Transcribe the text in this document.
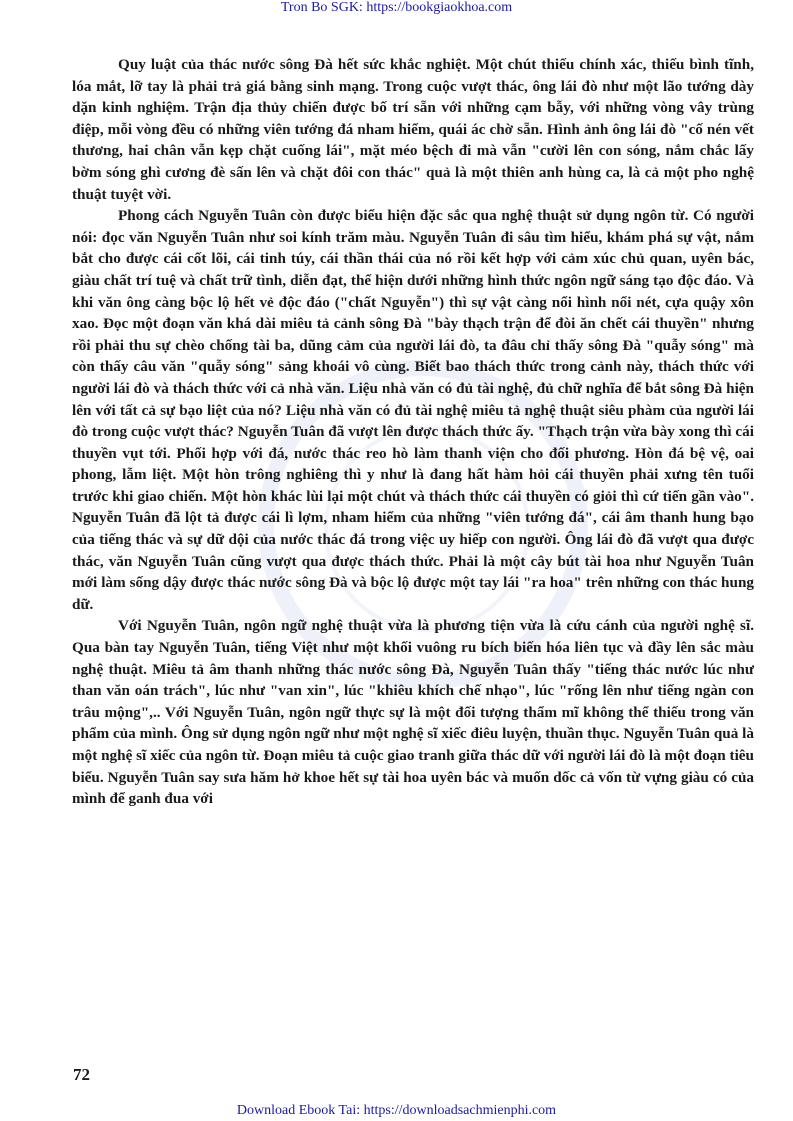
Tron Bo SGK: https://bookgiaokhoa.com

Quy luật của thác nước sông Đà hết sức khắc nghiệt. Một chút thiếu chính xác, thiếu bình tĩnh, lóa mắt, lỡ tay là phải trả giá bằng sinh mạng. Trong cuộc vượt thác, ông lái đò như một lão tướng dày dặn kinh nghiệm. Trận địa thủy chiến được bố trí sẵn với những cạm bẫy, với những vòng vây trùng điệp, mỗi vòng đều có những viên tướng đá nham hiểm, quái ác chờ sẵn. Hình ảnh ông lái đò "cố nén vết thương, hai chân vẫn kẹp chặt cuống lái", mặt méo bệch đi mà vẫn "cười lên con sóng, nắm chắc lấy bờm sóng ghì cương đè sấn lên và chặt đôi con thác" quả là một thiên anh hùng ca, là cả một pho nghệ thuật tuyệt vời.

Phong cách Nguyễn Tuân còn được biểu hiện đặc sắc qua nghệ thuật sử dụng ngôn từ. Có người nói: đọc văn Nguyễn Tuân như soi kính trăm màu. Nguyễn Tuân đi sâu tìm hiểu, khám phá sự vật, nắm bắt cho được cái cốt lõi, cái tinh túy, cái thần thái của nó rồi kết hợp với cảm xúc chủ quan, uyên bác, giàu chất trí tuệ và chất trữ tình, diễn đạt, thể hiện dưới những hình thức ngôn ngữ sáng tạo độc đáo. Và khi văn ông càng bộc lộ hết vẻ độc đáo ("chất Nguyễn") thì sự vật càng nổi hình nổi nét, cựa quậy xôn xao. Đọc một đoạn văn khá dài miêu tả cảnh sông Đà "bày thạch trận để đòi ăn chết cái thuyền" nhưng rồi phải thu sự chèo chống tài ba, dũng cảm của người lái đò, ta đâu chỉ thấy sông Đà "quẫy sóng" mà còn thấy câu văn "quẫy sóng" sảng khoái vô cùng. Biết bao thách thức trong cảnh này, thách thức với người lái đò và thách thức với cả nhà văn. Liệu nhà văn có đủ tài nghệ, đủ chữ nghĩa để bắt sông Đà hiện lên với tất cả sự bạo liệt của nó? Liệu nhà văn có đủ tài nghệ miêu tả nghệ thuật siêu phàm của người lái đò trong cuộc vượt thác? Nguyễn Tuân đã vượt lên được thách thức ấy. "Thạch trận vừa bày xong thì cái thuyền vụt tới. Phối hợp với đá, nước thác reo hò làm thanh viện cho đối phương. Hòn đá bệ vệ, oai phong, lẫm liệt. Một hòn trông nghiêng thì y như là đang hất hàm hỏi cái thuyền phải xưng tên tuổi trước khi giao chiến. Một hòn khác lùi lại một chút và thách thức cái thuyền có giỏi thì cứ tiến gần vào". Nguyễn Tuân đã lột tả được cái lì lợm, nham hiểm của những "viên tướng đá", cái âm thanh hung bạo của tiếng thác và sự dữ dội của nước thác đá trong việc uy hiếp con người. Ông lái đò đã vượt qua được thác, văn Nguyễn Tuân cũng vượt qua được thách thức. Phải là một cây bút tài hoa như Nguyễn Tuân mới làm sống dậy được thác nước sông Đà và bộc lộ được một tay lái "ra hoa" trên những con thác hung dữ.

Với Nguyễn Tuân, ngôn ngữ nghệ thuật vừa là phương tiện vừa là cứu cánh của người nghệ sĩ. Qua bàn tay Nguyễn Tuân, tiếng Việt như một khối vuông ru bích biến hóa liên tục và đầy lên sắc màu nghệ thuật. Miêu tả âm thanh những thác nước sông Đà, Nguyễn Tuân thấy "tiếng thác nước lúc như than văn oán trách", lúc như "van xin", lúc "khiêu khích chế nhạo", lúc "rống lên như tiếng ngàn con trâu mộng",.. Với Nguyễn Tuân, ngôn ngữ thực sự là một đối tượng thẩm mĩ không thể thiếu trong văn phẩm của mình. Ông sử dụng ngôn ngữ như một nghệ sĩ xiếc điêu luyện, thuần thục. Nguyễn Tuân quả là một nghệ sĩ xiếc của ngôn từ. Đoạn miêu tả cuộc giao tranh giữa thác dữ với người lái đò là một đoạn tiêu biểu. Nguyễn Tuân say sưa hăm hở khoe hết sự tài hoa uyên bác và muốn dốc cả vốn từ vựng giàu có của mình để ganh đua với

72
Download Ebook Tai: https://downloadsachmienphi.com
